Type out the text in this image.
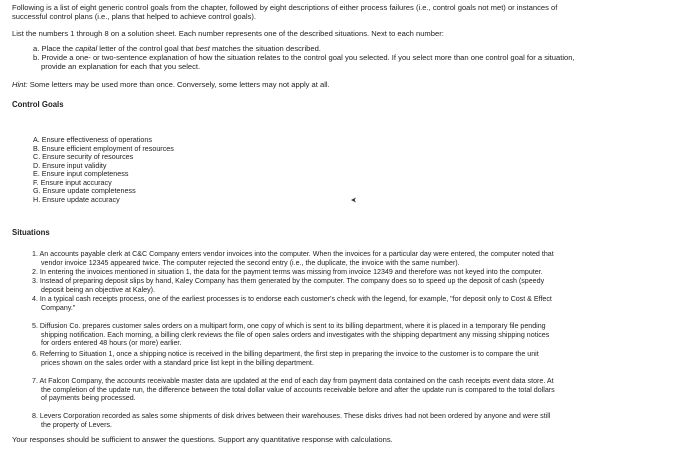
Following is a list of eight generic control goals from the chapter, followed by eight descriptions of either process failures (i.e., control goals not met) or instances of
successful control plans (i.e., plans that helped to achieve control goals).
List the numbers 1 through 8 on a solution sheet. Each number represents one of the described situations. Next to each number:
a. Place the capital letter of the control goal that best matches the situation described.
b. Provide a one- or two-sentence explanation of how the situation relates to the control goal you selected. If you select more than one control goal for a situation,
provide an explanation for each that you select.
Hint: Some letters may be used more than once. Conversely, some letters may not apply at all.
Control Goals
A. Ensure effectiveness of operations
B. Ensure efficient employment of resources
C. Ensure security of resources
D. Ensure input validity
E. Ensure input completeness
F. Ensure input accuracy
G. Ensure update completeness
H. Ensure update accuracy
Situations
1. An accounts payable clerk at C&C Company enters vendor invoices into the computer. When the invoices for a particular day were entered, the computer noted that
vendor invoice 12345 appeared twice. The computer rejected the second entry (i.e., the duplicate, the invoice with the same number).
2. In entering the invoices mentioned in situation 1, the data for the payment terms was missing from invoice 12349 and therefore was not keyed into the computer.
3. Instead of preparing deposit slips by hand, Kaley Company has them generated by the computer. The company does so to speed up the deposit of cash (speedy
deposit being an objective at Kaley).
4. In a typical cash receipts process, one of the earliest processes is to endorse each customer's check with the legend, for example, "for deposit only to Cost & Effect
Company."
5. Diffusion Co. prepares customer sales orders on a multipart form, one copy of which is sent to its billing department, where it is placed in a temporary file pending
shipping notification. Each morning, a billing clerk reviews the file of open sales orders and investigates with the shipping department any missing shipping notices
for orders entered 48 hours (or more) earlier.
6. Referring to Situation 1, once a shipping notice is received in the billing department, the first step in preparing the invoice to the customer is to compare the unit
prices shown on the sales order with a standard price list kept in the billing department.
7. At Falcon Company, the accounts receivable master data are updated at the end of each day from payment data contained on the cash receipts event data store. At
the completion of the update run, the difference between the total dollar value of accounts receivable before and after the update run is compared to the total dollars
of payments being processed.
8. Levers Corporation recorded as sales some shipments of disk drives between their warehouses. These disks drives had not been ordered by anyone and were still
the property of Levers.
Your responses should be sufficient to answer the questions. Support any quantitative response with calculations.
